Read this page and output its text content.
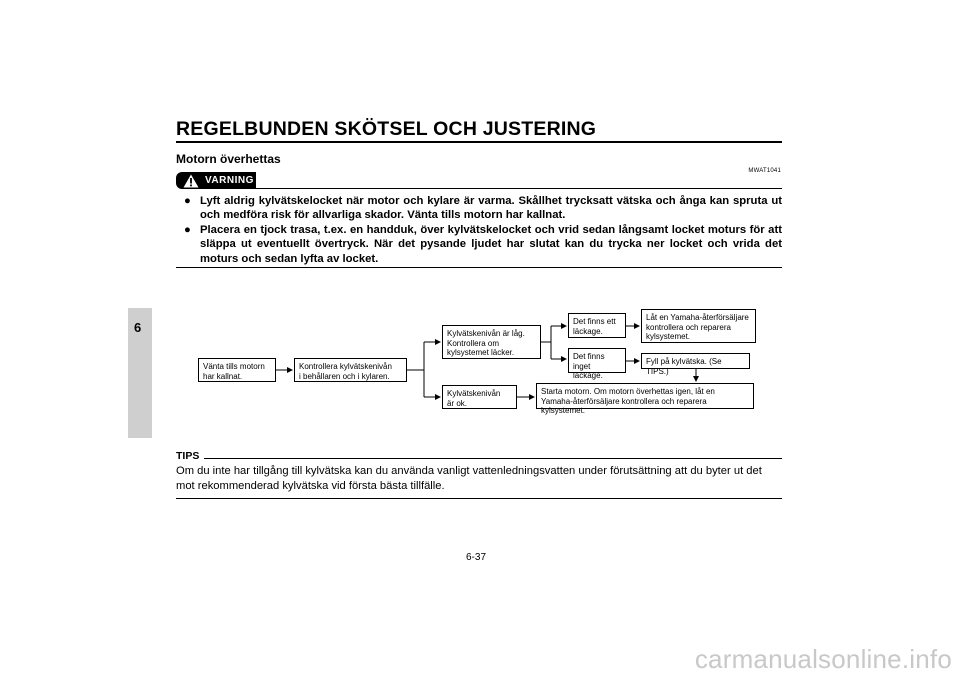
REGELBUNDEN SKÖTSEL OCH JUSTERING
6
Motorn överhettas
MWAT1041
VARNING
● Lyft aldrig kylvätskelocket när motor och kylare är varma. Skållhet trycksatt vätska och ånga kan spruta ut och medföra risk för allvarliga skador. Vänta tills motorn har kallnat.
● Placera en tjock trasa, t.ex. en handduk, över kylvätskelocket och vrid sedan långsamt locket moturs för att släppa ut eventuellt övertryck. När det pysande ljudet har slutat kan du trycka ner locket och vrida det moturs och sedan lyfta av locket.
Vänta tills motorn
har kallnat.
Kontrollera kylvätskenivån
i behållaren och i kylaren.
Kylvätskenivån är låg.
Kontrollera om
kylsystemet läcker.
Kylvätskenivån
är ok.
Det finns ett
läckage.
Det finns
inget läckage.
Låt en Yamaha-återförsäljare
kontrollera och reparera
kylsystemet.
Fyll på kylvätska. (Se TIPS.)
Starta motorn. Om motorn överhettas igen, låt en
Yamaha-återförsäljare kontrollera och reparera kylsystemet.
TIPS
Om du inte har tillgång till kylvätska kan du använda vanligt vattenledningsvatten under förutsättning att du byter ut det mot rekommenderad kylvätska vid första bästa tillfälle.
6-37
carmanualsonline.info
